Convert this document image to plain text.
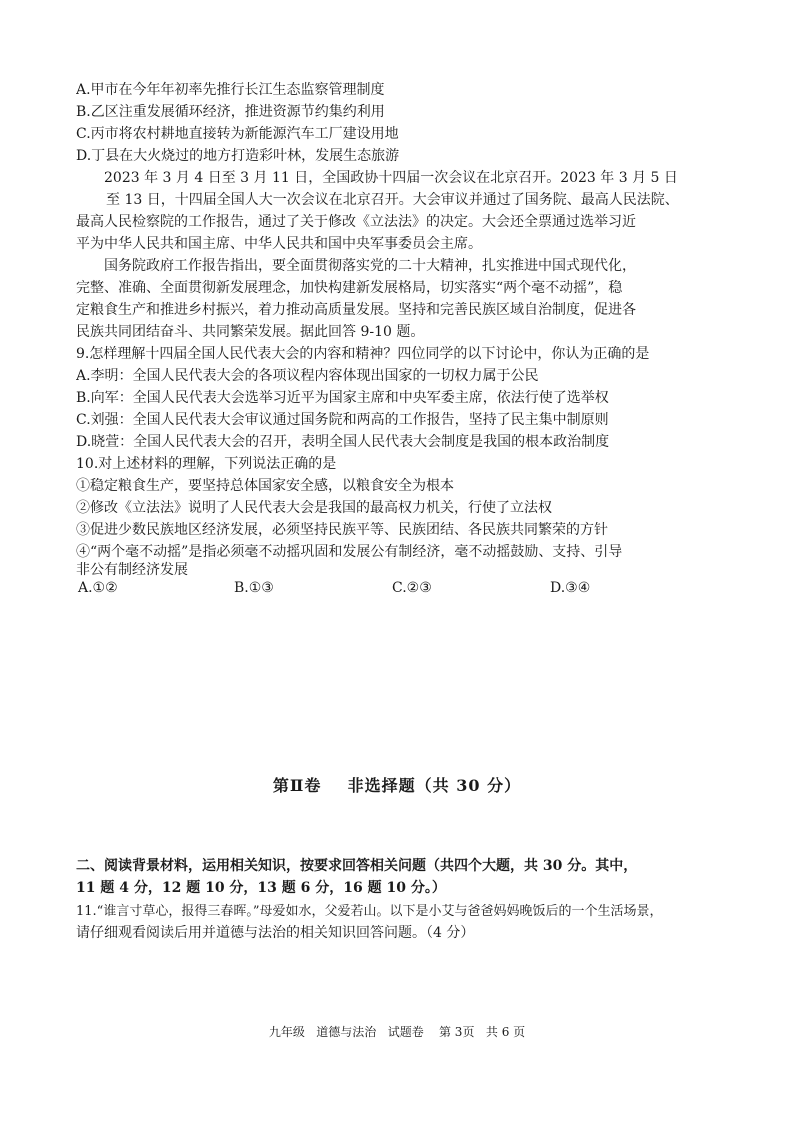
A.甲市在今年年初率先推行长江生态监察管理制度
B.乙区注重发展循环经济，推进资源节约集约利用
C.丙市将农村耕地直接转为新能源汽车工厂建设用地
D.丁县在大火烧过的地方打造彩叶林，发展生态旅游
2023 年 3 月 4 日至 3 月 11 日，全国政协十四届一次会议在北京召开。2023 年 3 月 5 日
至 13 日，十四届全国人大一次会议在北京召开。大会审议并通过了国务院、最高人民法院、
最高人民检察院的工作报告，通过了关于修改《立法法》的决定。大会还全票通过选举习近
平为中华人民共和国主席、中华人民共和国中央军事委员会主席。
国务院政府工作报告指出，要全面贯彻落实党的二十大精神，扎实推进中国式现代化，
完整、准确、全面贯彻新发展理念，加快构建新发展格局，切实落实“两个毫不动摇”，稳
定粮食生产和推进乡村振兴，着力推动高质量发展。坚持和完善民族区域自治制度，促进各
民族共同团结奋斗、共同繁荣发展。据此回答 9-10 题。
9.怎样理解十四届全国人民代表大会的内容和精神？四位同学的以下讨论中，你认为正确的是
A.李明：全国人民代表大会的各项议程内容体现出国家的一切权力属于公民
B.向军：全国人民代表大会选举习近平为国家主席和中央军委主席，依法行使了选举权
C.刘强：全国人民代表大会审议通过国务院和两高的工作报告，坚持了民主集中制原则
D.晓萱：全国人民代表大会的召开，表明全国人民代表大会制度是我国的根本政治制度
10.对上述材料的理解，下列说法正确的是
①稳定粮食生产，要坚持总体国家安全感，以粮食安全为根本
②修改《立法法》说明了人民代表大会是我国的最高权力机关，行使了立法权
③促进少数民族地区经济发展，必须坚持民族平等、民族团结、各民族共同繁荣的方针
④“两个毫不动摇”是指必须毫不动摇巩固和发展公有制经济，毫不动摇鼓励、支持、引导
非公有制经济发展
A.①②	B.①③	C.②③	D.③④
第Ⅱ卷    非选择题（共 30 分）
二、阅读背景材料，运用相关知识，按要求回答相关问题（共四个大题，共 30 分。其中，
11 题 4 分，12 题 10 分，13 题 6 分，16 题 10 分。）
11.“谁言寸草心，报得三春晖。”母爱如水，父爱若山。以下是小艾与爸爸妈妈晚饭后的一个生活场景，
请仔细观看阅读后用并道德与法治的相关知识回答问题。（4 分）
九年级   道德与法治   试题卷    第 3页   共 6 页
